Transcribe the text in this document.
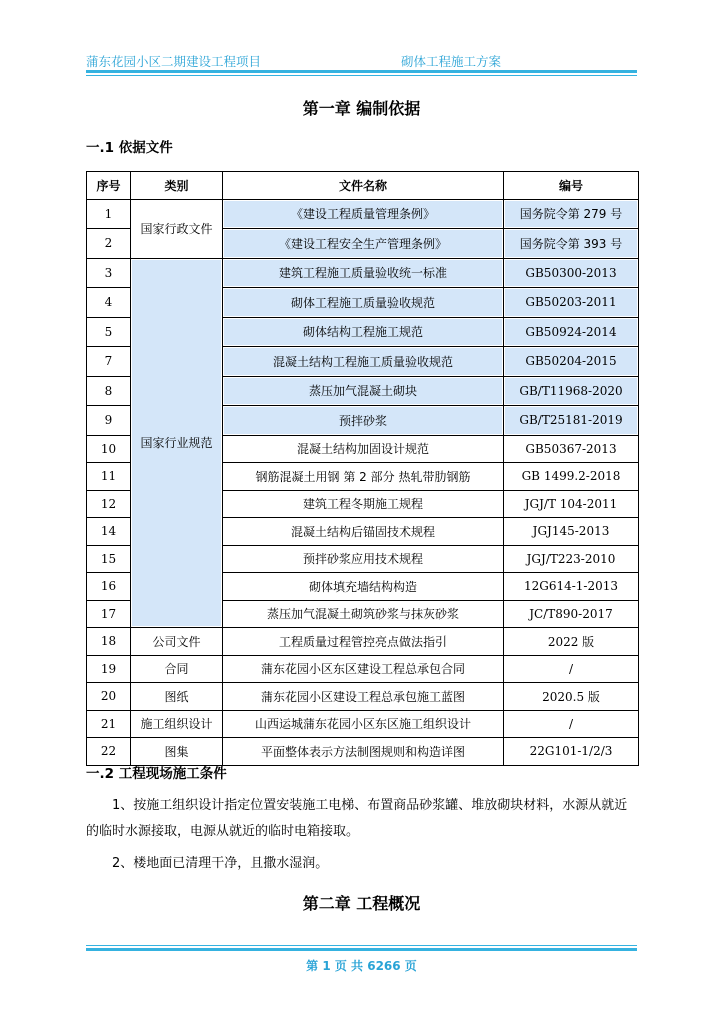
蒲东花园小区二期建设工程项目	砌体工程施工方案
第一章 编制依据
一.1 依据文件
序号	类别	文件名称	编号
1	国家行政文件	《建设工程质量管理条例》	国务院令第 279 号

2		《建设工程安全生产管理条例》	国务院令第 393 号

3	国家行业规范	建筑工程施工质量验收统一标准	GB50300-2013

4		砌体工程施工质量验收规范	GB50203-2011

5		砌体结构工程施工规范	GB50924-2014

7		混凝土结构工程施工质量验收规范	GB50204-2015

8		蒸压加气混凝土砌块	GB/T11968-2020

9		预拌砂浆	GB/T25181-2019

10		混凝土结构加固设计规范	GB50367-2013
11		钢筋混凝土用钢 第 2 部分 热轧带肋钢筋	GB 1499.2-2018
12		建筑工程冬期施工规程	JGJ/T 104-2011
14		混凝土结构后锚固技术规程	JGJ145-2013
15		预拌砂浆应用技术规程	JGJ/T223-2010
16		砌体填充墙结构构造	12G614-1-2013
17		蒸压加气混凝土砌筑砂浆与抹灰砂浆	JC/T890-2017
18	公司文件	工程质量过程管控亮点做法指引	2022 版
19	合同	蒲东花园小区东区建设工程总承包合同	/
20	图纸	蒲东花园小区建设工程总承包施工蓝图	2020.5 版
21	施工组织设计	山西运城蒲东花园小区东区施工组织设计	/
22	图集	平面整体表示方法制图规则和构造详图	22G101-1/2/3
一.2 工程现场施工条件
1、按施工组织设计指定位置安装施工电梯、布置商品砂浆罐、堆放砌块材料，水源从就近的临时水源接取，电源从就近的临时电箱接取。
2、楼地面已清理干净，且撒水湿润。
第二章 工程概况
第 1 页 共 6266 页
